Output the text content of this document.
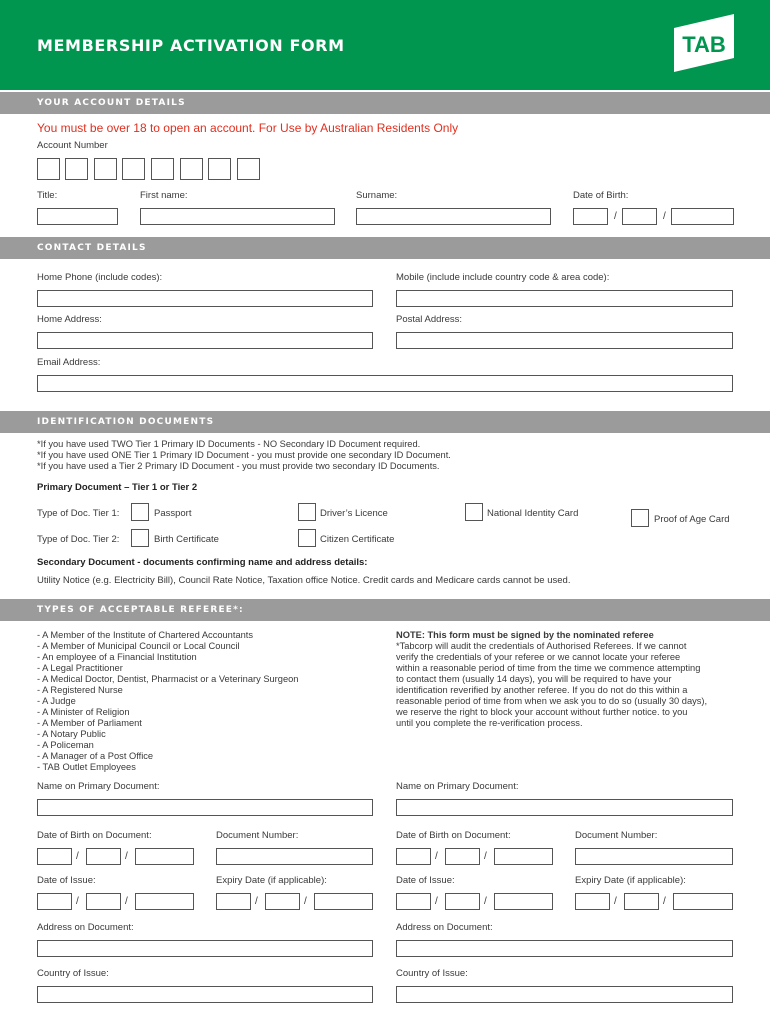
MEMBERSHIP ACTIVATION FORM	TAB
YOUR ACCOUNT DETAILS
You must be over 18 to open an account. For Use by Australian Residents Only
Account Number
Title:	First name:	Surname:	Date of Birth:
/	/
CONTACT DETAILS
Home Phone (include codes):	Mobile (include include country code & area code):
Home Address:	Postal Address:
Email Address:
IDENTIFICATION DOCUMENTS
*If you have used TWO Tier 1 Primary ID Documents - NO Secondary ID Document required.
*If you have used ONE Tier 1 Primary ID Document - you must provide one secondary ID Document.
*If you have used a Tier 2 Primary ID Document - you must provide two secondary ID Documents.
Primary Document – Tier 1 or Tier 2
Type of Doc. Tier 1:	Passport	Driver’s Licence	National Identity Card
Proof of Age Card
Type of Doc. Tier 2:	Birth Certificate	Citizen Certificate
Secondary Document - documents confirming name and address details:
Utility Notice (e.g. Electricity Bill), Council Rate Notice, Taxation office Notice. Credit cards and Medicare cards cannot be used.
TYPES OF ACCEPTABLE REFEREE*:
- A Member of the Institute of Chartered Accountants
- A Member of Municipal Council or Local Council
- An employee of a Financial Institution
- A Legal Practitioner
- A Medical Doctor, Dentist, Pharmacist or a Veterinary Surgeon
- A Registered Nurse
- A Judge
- A Minister of Religion
- A Member of Parliament
- A Notary Public
- A Policeman
- A Manager of a Post Office
- TAB Outlet Employees
NOTE: This form must be signed by the nominated referee
*Tabcorp will audit the credentials of Authorised Referees. If we cannot
verify the credentials of your referee or we cannot locate your referee
within a reasonable period of time from the time we commence attempting
to contact them (usually 14 days), you will be required to have your
identification reverified by another referee. If you do not do this within a
reasonable period of time from when we ask you to do so (usually 30 days),
we reserve the right to block your account without further notice. to you
until you complete the re-verification process.
Name on Primary Document:	Name on Primary Document:
Date of Birth on Document:	Document Number:	Date of Birth on Document:	Document Number:
/	/	/	/
Date of Issue:	Expiry Date (if applicable):	Date of Issue:	Expiry Date (if applicable):
/	/	/	/	/	/	/	/
Address on Document:	Address on Document:
Country of Issue:	Country of Issue:
